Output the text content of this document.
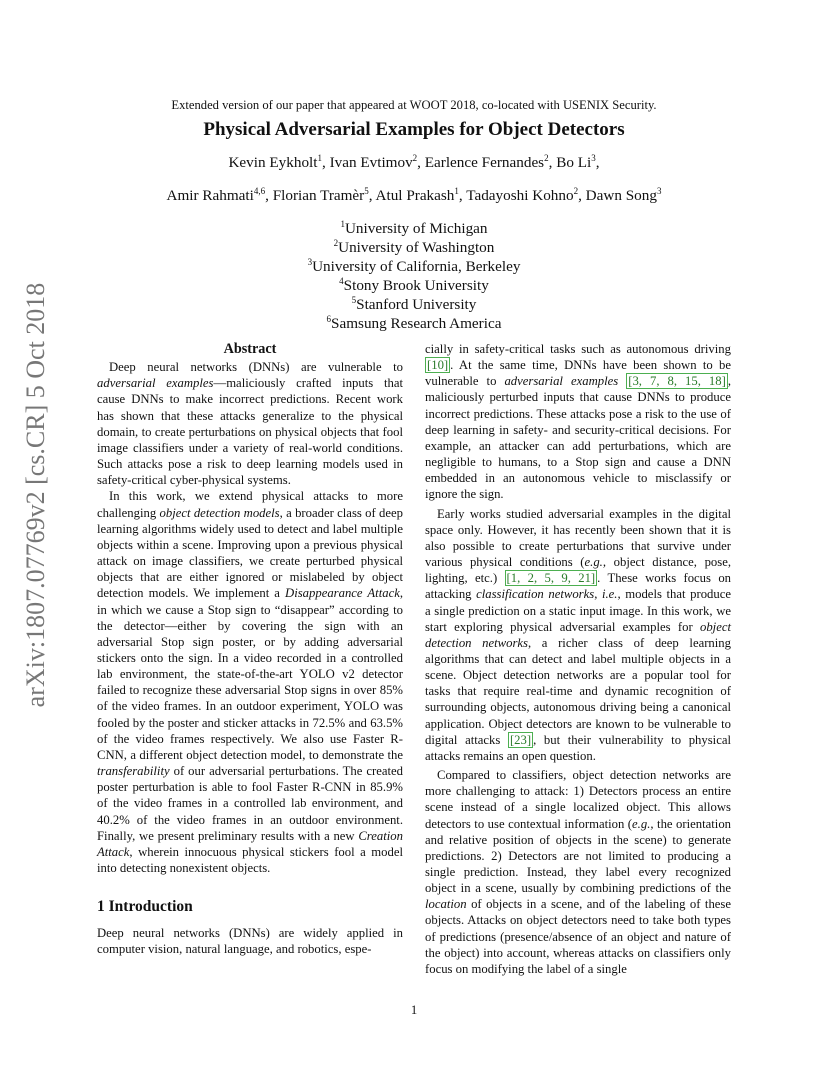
Extended version of our paper that appeared at WOOT 2018, co-located with USENIX Security.
Physical Adversarial Examples for Object Detectors
Kevin Eykholt$^1$, Ivan Evtimov$^2$, Earlence Fernandes$^2$, Bo Li$^3$,
Amir Rahmati$^{4,6}$, Florian Tramèr$^5$, Atul Prakash$^1$, Tadayoshi Kohno$^2$, Dawn Song$^3$
$^1$University of Michigan
$^2$University of Washington
$^3$University of California, Berkeley
$^4$Stony Brook University
$^5$Stanford University
$^6$Samsung Research America
arXiv:1807.07769v2 [cs.CR] 5 Oct 2018	Abstract

Deep neural networks (DNNs) are vulnerable to adversarial examples—maliciously crafted inputs that cause DNNs to make incorrect predictions. Recent work has shown that these attacks generalize to the physical domain, to create perturbations on physical objects that fool image classifiers under a variety of real-world conditions. Such attacks pose a risk to deep learning models used in safety-critical cyber-physical systems.

In this work, we extend physical attacks to more challenging object detection models, a broader class of deep learning algorithms widely used to detect and label multiple objects within a scene. Improving upon a previous physical attack on image classifiers, we create perturbed physical objects that are either ignored or mislabeled by object detection models. We implement a Disappearance Attack, in which we cause a Stop sign to “disappear” according to the detector—either by covering the sign with an adversarial Stop sign poster, or by adding adversarial stickers onto the sign. In a video recorded in a controlled lab environment, the state-of-the-art YOLO v2 detector failed to recognize these adversarial Stop signs in over 85% of the video frames. In an outdoor experiment, YOLO was fooled by the poster and sticker attacks in 72.5% and 63.5% of the video frames respectively. We also use Faster R-CNN, a different object detection model, to demonstrate the transferability of our adversarial perturbations. The created poster perturbation is able to fool Faster R-CNN in 85.9% of the video frames in a controlled lab environment, and 40.2% of the video frames in an outdoor environment. Finally, we present preliminary results with a new Creation Attack, wherein innocuous physical stickers fool a model into detecting nonexistent objects.

1 Introduction

Deep neural networks (DNNs) are widely applied in computer vision, natural language, and robotics, espe-

cially in safety-critical tasks such as autonomous driving [10] . At the same time, DNNs have been shown to be vulnerable to adversarial examples [3, 7, 8, 15, 18] , maliciously perturbed inputs that cause DNNs to produce incorrect predictions. These attacks pose a risk to the use of deep learning in safety- and security-critical decisions. For example, an attacker can add perturbations, which are negligible to humans, to a Stop sign and cause a DNN embedded in an autonomous vehicle to misclassify or ignore the sign.

Early works studied adversarial examples in the digital space only. However, it has recently been shown that it is also possible to create perturbations that survive under various physical conditions (e.g., object distance, pose, lighting, etc.) [1, 2, 5, 9, 21] . These works focus on attacking classification networks, i.e., models that produce a single prediction on a static input image. In this work, we start exploring physical adversarial examples for object detection networks, a richer class of deep learning algorithms that can detect and label multiple objects in a scene. Object detection networks are a popular tool for tasks that require real-time and dynamic recognition of surrounding objects, autonomous driving being a canonical application. Object detectors are known to be vulnerable to digital attacks [23] , but their vulnerability to physical attacks remains an open question.

Compared to classifiers, object detection networks are more challenging to attack: 1) Detectors process an entire scene instead of a single localized object. This allows detectors to use contextual information (e.g., the orientation and relative position of objects in the scene) to generate predictions. 2) Detectors are not limited to producing a single prediction. Instead, they label every recognized object in a scene, usually by combining predictions of the location of objects in a scene, and of the labeling of these objects. Attacks on object detectors need to take both types of predictions (presence/absence of an object and nature of the object) into account, whereas attacks on classifiers only focus on modifying the label of a single

1
